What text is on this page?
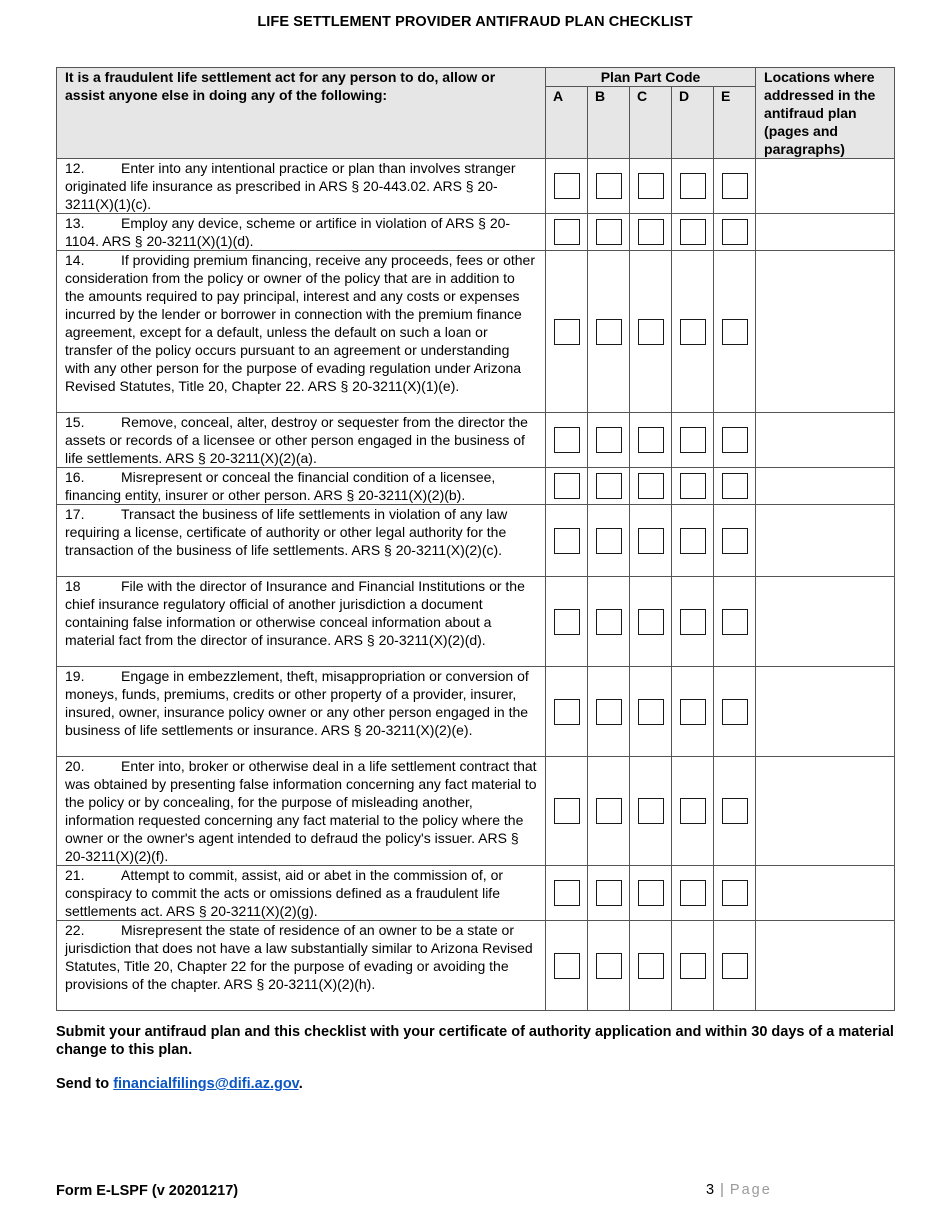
LIFE SETTLEMENT PROVIDER ANTIFRAUD PLAN CHECKLIST
It is a fraudulent life settlement act for any person to do, allow or assist anyone else in doing any of the following:	Plan Part Code					Locations where addressed in the antifraud plan (pages and paragraphs)
	A	B	C	D	E	
12. Enter into any intentional practice or plan than involves stranger originated life insurance as prescribed in ARS § 20-443.02. ARS § 20- 3211(X)(1)(c).						
13. Employ any device, scheme or artifice in violation of ARS § 20-1104. ARS § 20-3211(X)(1)(d).						
14. If providing premium financing, receive any proceeds, fees or other consideration from the policy or owner of the policy that are in addition to the amounts required to pay principal, interest and any costs or expenses incurred by the lender or borrower in connection with the premium finance agreement, except for a default, unless the default on such a loan or transfer of the policy occurs pursuant to an agreement or understanding with any other person for the purpose of evading regulation under Arizona Revised Statutes, Title 20, Chapter 22. ARS § 20-3211(X)(1)(e).						
15. Remove, conceal, alter, destroy or sequester from the director the assets or records of a licensee or other person engaged in the business of life settlements. ARS § 20-3211(X)(2)(a).						
16. Misrepresent or conceal the financial condition of a licensee, financing entity, insurer or other person. ARS § 20-3211(X)(2)(b).						
17. Transact the business of life settlements in violation of any law requiring a license, certificate of authority or other legal authority for the transaction of the business of life settlements. ARS § 20-3211(X)(2)(c).						
18 File with the director of Insurance and Financial Institutions or the chief insurance regulatory official of another jurisdiction a document containing false information or otherwise conceal information about a material fact from the director of insurance. ARS § 20-3211(X)(2)(d).						
19. Engage in embezzlement, theft, misappropriation or conversion of moneys, funds, premiums, credits or other property of a provider, insurer, insured, owner, insurance policy owner or any other person engaged in the business of life settlements or insurance. ARS § 20-3211(X)(2)(e).						
20. Enter into, broker or otherwise deal in a life settlement contract that was obtained by presenting false information concerning any fact material to the policy or by concealing, for the purpose of misleading another, information requested concerning any fact material to the policy where the owner or the owner's agent intended to defraud the policy's issuer. ARS § 20-3211(X)(2)(f).						
21. Attempt to commit, assist, aid or abet in the commission of, or conspiracy to commit the acts or omissions defined as a fraudulent life settlements act. ARS § 20-3211(X)(2)(g).						
22. Misrepresent the state of residence of an owner to be a state or jurisdiction that does not have a law substantially similar to Arizona Revised Statutes, Title 20, Chapter 22 for the purpose of evading or avoiding the provisions of the chapter. ARS § 20-3211(X)(2)(h).						
Submit your antifraud plan and this checklist with your certificate of authority application and within 30 days of a material change to this plan.
Send to financialfilings@difi.az.gov.
Form E-LSPF (v 20201217)	3 | Page
